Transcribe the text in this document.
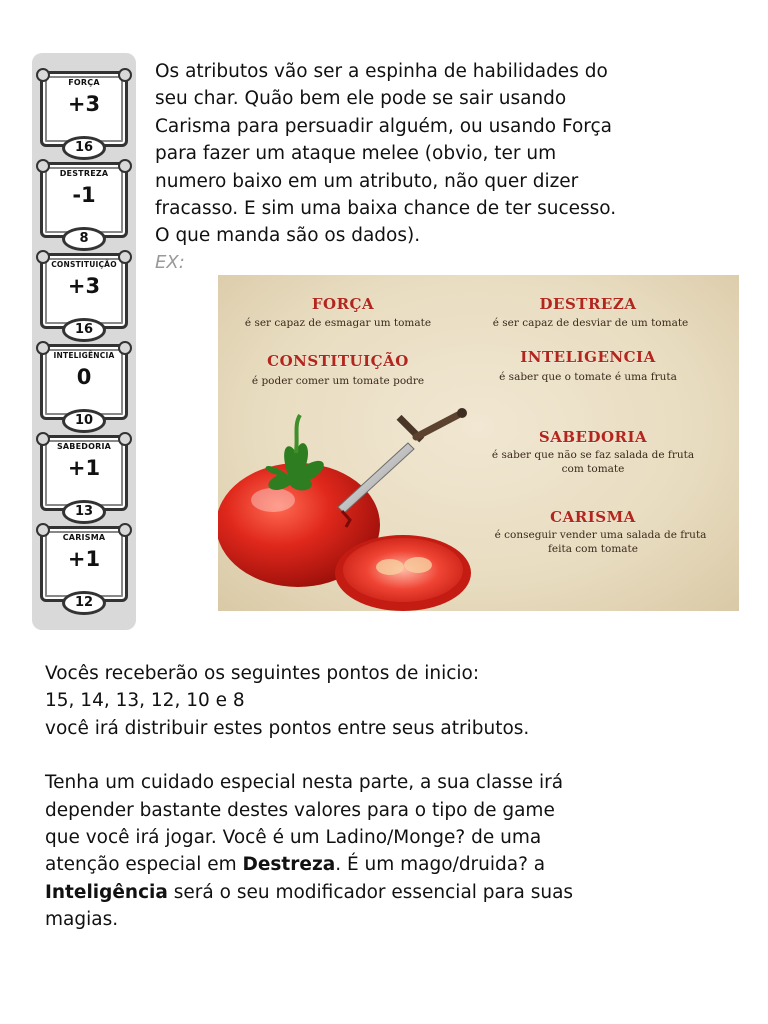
FORÇA
+3
16
DESTREZA
-1
8
CONSTITUIÇÃO
+3
16
INTELIGÊNCIA
0
10
SABEDORIA
+1
13
CARISMA
+1
12
Os atributos vão ser a espinha de habilidades do
seu char. Quão bem ele pode se sair usando
Carisma para persuadir alguém, ou usando Força
para fazer um ataque melee (obvio, ter um
numero baixo em um atributo, não quer dizer
fracasso. E sim uma baixa chance de ter sucesso.
O que manda são os dados).
EX:
FORÇA
é ser capaz de esmagar um tomate
DESTREZA
é ser capaz de desviar de um tomate
CONSTITUIÇÃO
é poder comer um tomate podre
INTELIGENCIA
é saber que o tomate é uma fruta
SABEDORIA
é saber que não se faz salada de fruta
com tomate
CARISMA
é conseguir vender uma salada de fruta
feita com tomate
Vocês receberão os seguintes pontos de inicio:
15, 14, 13, 12, 10 e 8
você irá distribuir estes pontos entre seus atributos.
Tenha um cuidado especial nesta parte, a sua classe irá
depender bastante destes valores para o tipo de game
que você irá jogar. Você é um Ladino/Monge? de uma
atenção especial em Destreza. É um mago/druida? a
Inteligência será o seu modificador essencial para suas
magias.
